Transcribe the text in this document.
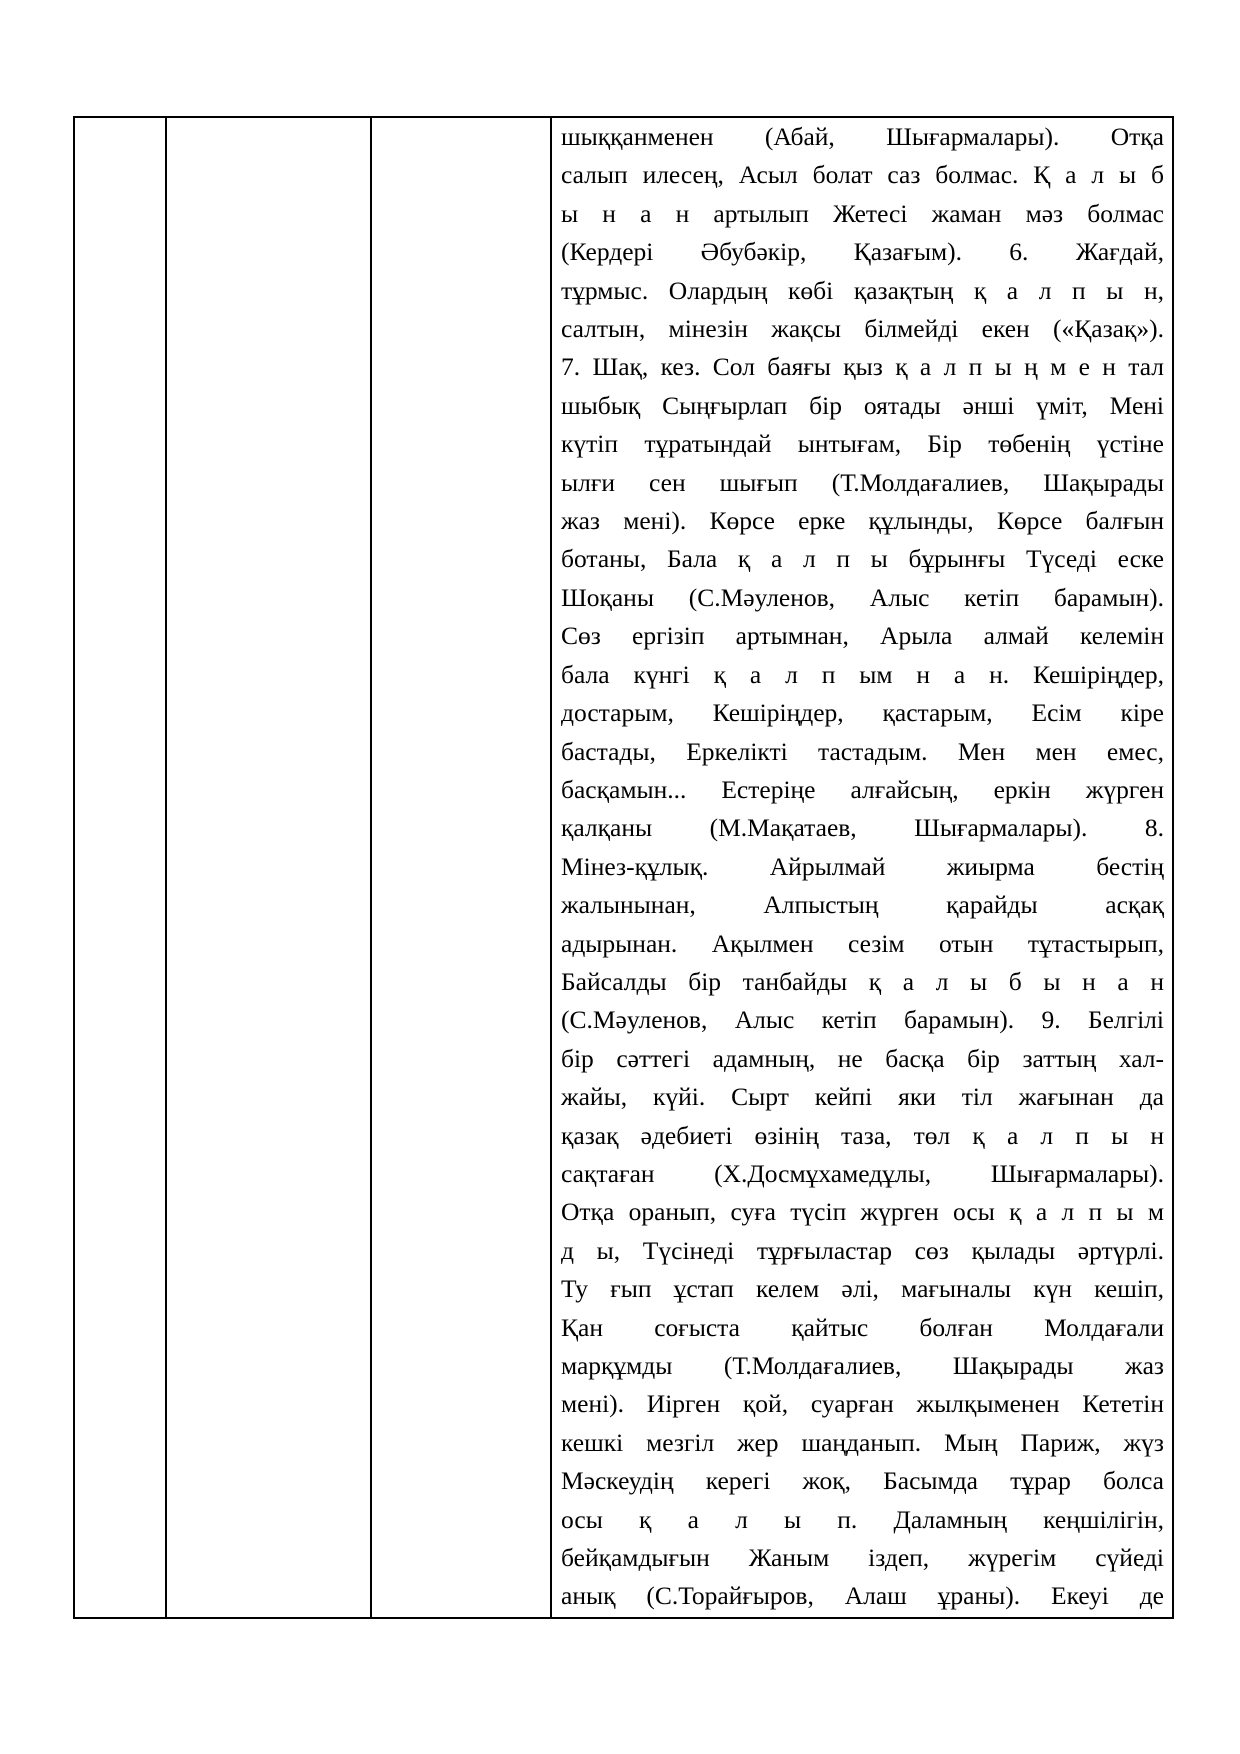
шыққанменен (Абай, Шығармалары). Отқа
салып илесең, Асыл болат саз болмас. Қ а л ы б
ы н а н артылып Жетесі жаман мәз болмас
(Кердері Әбубәкір, Қазағым). 6. Жағдай,
тұрмыс. Олардың көбі қазақтың қ а л п ы н,
салтын, мінезін жақсы білмейді екен («Қазақ»).
7. Шақ, кез. Сол баяғы қыз қ а л п ы ң м е н тал
шыбық Сыңғырлап бір оятады әнші үміт, Мені
күтіп тұратындай ынтығам, Бір төбенің үстіне
ылғи сен шығып (Т.Молдағалиев, Шақырады
жаз мені). Көрсе ерке құлынды, Көрсе балғын
ботаны, Бала қ а л п ы бұрынғы Түседі еске
Шоқаны (С.Мәуленов, Алыс кетіп барамын).
Сөз ергізіп артымнан, Арыла алмай келемін
бала күнгі қ а л п ым н а н. Кешіріңдер,
достарым, Кешіріңдер, қастарым, Есім кіре
бастады, Еркелікті тастадым. Мен мен емес,
басқамын... Естеріңе алғайсың, еркін жүрген
қалқаны (М.Мақатаев, Шығармалары). 8.
Мінез-құлық. Айрылмай жиырма бестің
жалынынан, Алпыстың қарайды асқақ
адырынан. Ақылмен сезім отын тұтастырып,
Байсалды бір танбайды қ а л ы б ы н а н
(С.Мәуленов, Алыс кетіп барамын). 9. Белгілі
бір сәттегі адамның, не басқа бір заттың хал-
жайы, күйі. Сырт кейпі яки тіл жағынан да
қазақ әдебиеті өзінің таза, төл қ а л п ы н
сақтаған (Х.Досмұхамедұлы, Шығармалары).
Отқа оранып, суға түсіп жүрген осы қ а л п ы м
д ы, Түсінеді тұрғыластар сөз қылады әртүрлі.
Ту ғып ұстап келем әлі, мағыналы күн кешіп,
Қан соғыста қайтыс болған Молдағали
марқұмды (Т.Молдағалиев, Шақырады жаз
мені). Иірген қой, суарған жылқыменен Кететін
кешкі мезгіл жер шаңданып. Мың Париж, жүз
Мәскеудің керегі жоқ, Басымда тұрар болса
осы қ а л ы п. Даламның кеңшілігін,
бейқамдығын Жаным іздеп, жүрегім сүйеді
анық (С.Торайғыров, Алаш ұраны). Екеуі де
